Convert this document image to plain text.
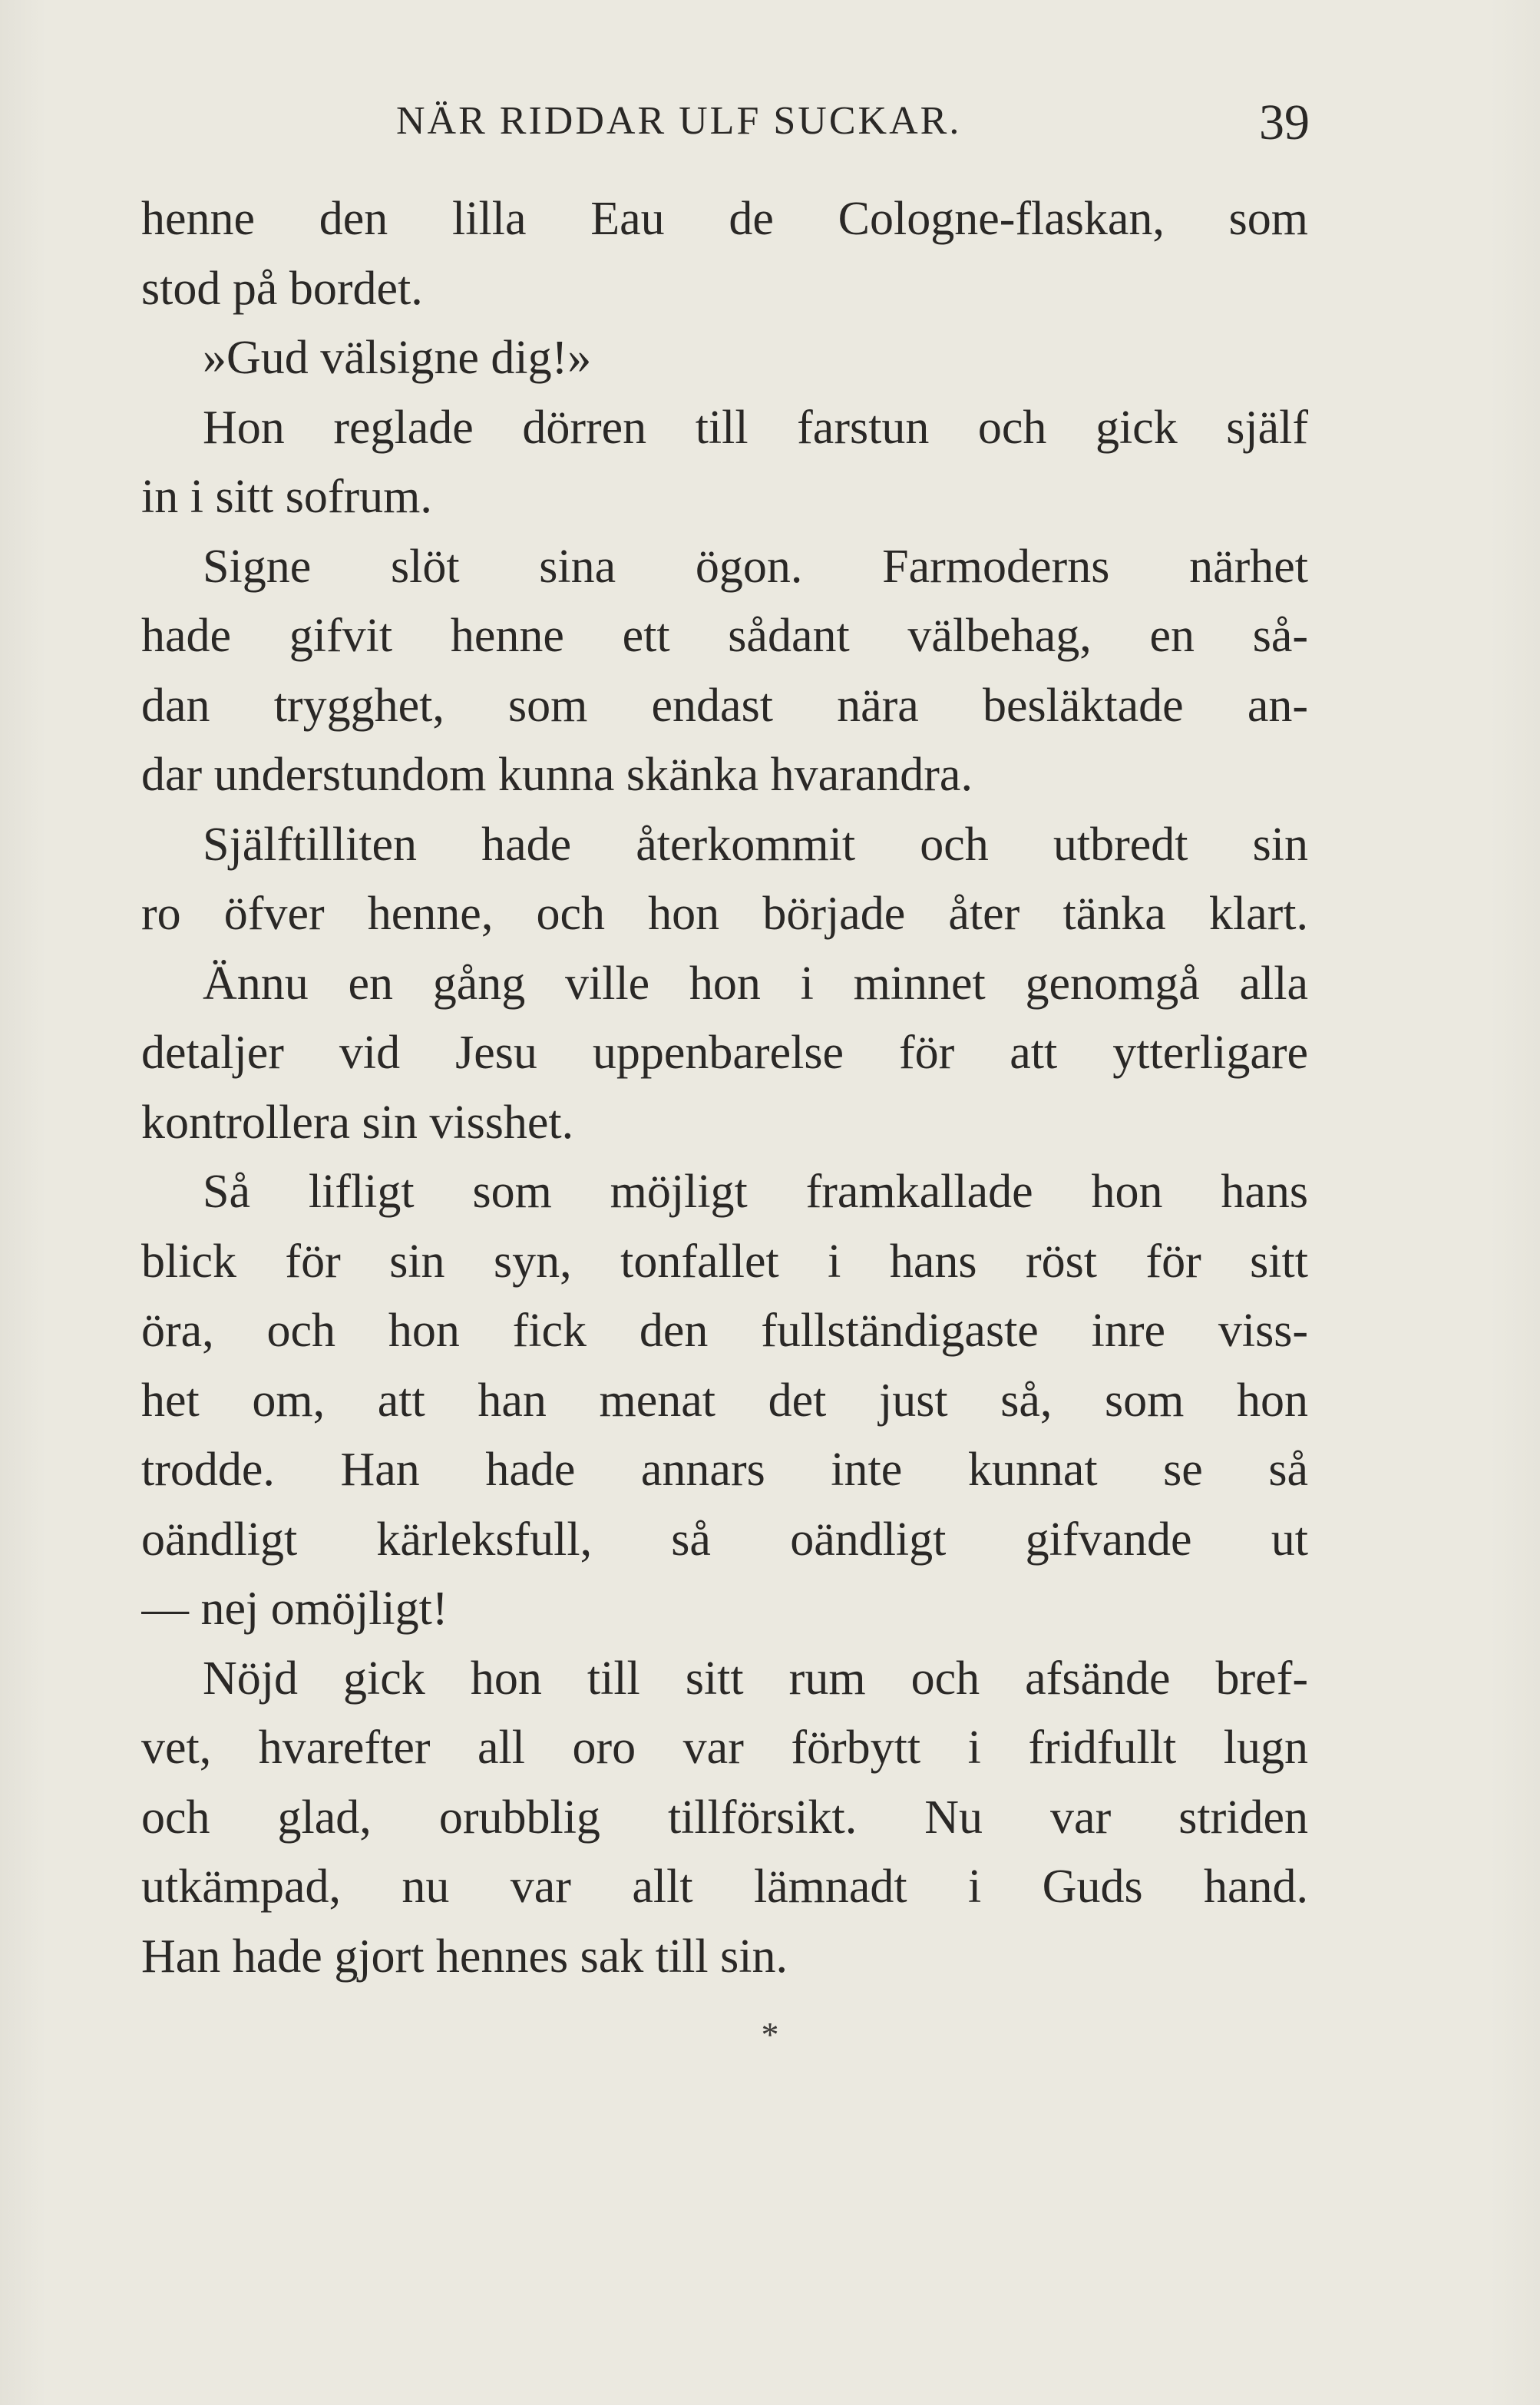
NÄR RIDDAR ULF SUCKAR.	39
henne den lilla Eau de Cologne-flaskan, som
stod på bordet.
»Gud välsigne dig!»
Hon reglade dörren till farstun och gick själf
in i sitt sofrum.
Signe slöt sina ögon. Farmoderns närhet
hade gifvit henne ett sådant välbehag, en så-
dan trygghet, som endast nära besläktade an-
dar understundom kunna skänka hvarandra.
Själftilliten hade återkommit och utbredt sin
ro öfver henne, och hon började åter tänka klart.
Ännu en gång ville hon i minnet genomgå alla
detaljer vid Jesu uppenbarelse för att ytterligare
kontrollera sin visshet.
Så lifligt som möjligt framkallade hon hans
blick för sin syn, tonfallet i hans röst för sitt
öra, och hon fick den fullständigaste inre viss-
het om, att han menat det just så, som hon
trodde. Han hade annars inte kunnat se så
oändligt kärleksfull, så oändligt gifvande ut
— nej omöjligt!
Nöjd gick hon till sitt rum och afsände bref-
vet, hvarefter all oro var förbytt i fridfullt lugn
och glad, orubblig tillförsikt. Nu var striden
utkämpad, nu var allt lämnadt i Guds hand.
Han hade gjort hennes sak till sin.
*
